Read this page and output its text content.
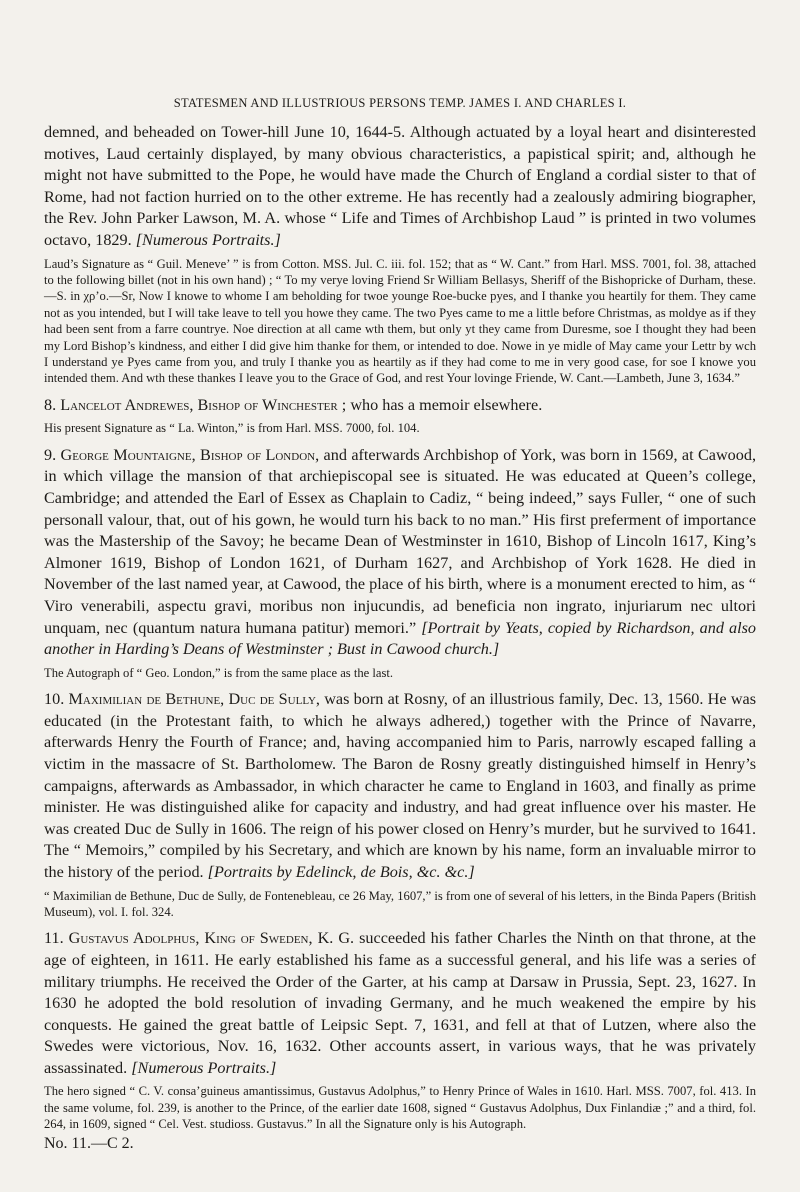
STATESMEN AND ILLUSTRIOUS PERSONS TEMP. JAMES I. AND CHARLES I.

demned, and beheaded on Tower-hill June 10, 1644-5. Although actuated by a loyal heart and disinterested motives, Laud certainly displayed, by many obvious characteristics, a papistical spirit; and, although he might not have submitted to the Pope, he would have made the Church of England a cordial sister to that of Rome, had not faction hurried on to the other extreme. He has recently had a zealously admiring biographer, the Rev. John Parker Lawson, M. A. whose “ Life and Times of Archbishop Laud ” is printed in two volumes octavo, 1829. [Numerous Portraits.]

Laud’s Signature as “ Guil. Meneve’ ” is from Cotton. MSS. Jul. C. iii. fol. 152; that as “ W. Cant.” from Harl. MSS. 7001, fol. 38, attached to the following billet (not in his own hand) ; “ To my verye loving Friend Sr William Bellasys, Sheriff of the Bishopricke of Durham, these.—S. in χρ’o.—Sr, Now I knowe to whome I am beholding for twoe younge Roe-bucke pyes, and I thanke you heartily for them. They came not as you intended, but I will take leave to tell you howe they came. The two Pyes came to me a little before Christmas, as moldye as if they had been sent from a farre countrye. Noe direction at all came wth them, but only yt they came from Duresme, soe I thought they had been my Lord Bishop’s kindness, and either I did give him thanke for them, or intended to doe. Nowe in ye midle of May came your Lettr by wch I understand ye Pyes came from you, and truly I thanke you as heartily as if they had come to me in very good case, for soe I knowe you intended them. And wth these thankes I leave you to the Grace of God, and rest Your lovinge Friende, W. Cant.—Lambeth, June 3, 1634.”

8. Lancelot Andrewes, Bishop of Winchester ; who has a memoir elsewhere.

His present Signature as “ La. Winton,” is from Harl. MSS. 7000, fol. 104.

9. George Mountaigne, Bishop of London, and afterwards Archbishop of York, was born in 1569, at Cawood, in which village the mansion of that archiepiscopal see is situated. He was educated at Queen’s college, Cambridge; and attended the Earl of Essex as Chaplain to Cadiz, “ being indeed,” says Fuller, “ one of such personall valour, that, out of his gown, he would turn his back to no man.” His first preferment of importance was the Mastership of the Savoy; he became Dean of Westminster in 1610, Bishop of Lincoln 1617, King’s Almoner 1619, Bishop of London 1621, of Durham 1627, and Archbishop of York 1628. He died in November of the last named year, at Cawood, the place of his birth, where is a monument erected to him, as “ Viro venerabili, aspectu gravi, moribus non injucundis, ad beneficia non ingrato, injuriarum nec ultori unquam, nec (quantum natura humana patitur) memori.” [Portrait by Yeats, copied by Richardson, and also another in Harding’s Deans of Westminster ; Bust in Cawood church.]

The Autograph of “ Geo. London,” is from the same place as the last.

10. Maximilian de Bethune, Duc de Sully, was born at Rosny, of an illustrious family, Dec. 13, 1560. He was educated (in the Protestant faith, to which he always adhered,) together with the Prince of Navarre, afterwards Henry the Fourth of France; and, having accompanied him to Paris, narrowly escaped falling a victim in the massacre of St. Bartholomew. The Baron de Rosny greatly distinguished himself in Henry’s campaigns, afterwards as Ambassador, in which character he came to England in 1603, and finally as prime minister. He was distinguished alike for capacity and industry, and had great influence over his master. He was created Duc de Sully in 1606. The reign of his power closed on Henry’s murder, but he survived to 1641. The “ Memoirs,” compiled by his Secretary, and which are known by his name, form an invaluable mirror to the history of the period. [Portraits by Edelinck, de Bois, &c. &c.]

“ Maximilian de Bethune, Duc de Sully, de Fontenebleau, ce 26 May, 1607,” is from one of several of his letters, in the Binda Papers (British Museum), vol. I. fol. 324.

11. Gustavus Adolphus, King of Sweden, K. G. succeeded his father Charles the Ninth on that throne, at the age of eighteen, in 1611. He early established his fame as a successful general, and his life was a series of military triumphs. He received the Order of the Garter, at his camp at Darsaw in Prussia, Sept. 23, 1627. In 1630 he adopted the bold resolution of invading Germany, and he much weakened the empire by his conquests. He gained the great battle of Leipsic Sept. 7, 1631, and fell at that of Lutzen, where also the Swedes were victorious, Nov. 16, 1632. Other accounts assert, in various ways, that he was privately assassinated. [Numerous Portraits.]

The hero signed “ C. V. consa’guineus amantissimus, Gustavus Adolphus,” to Henry Prince of Wales in 1610. Harl. MSS. 7007, fol. 413. In the same volume, fol. 239, is another to the Prince, of the earlier date 1608, signed “ Gustavus Adolphus, Dux Finlandiæ ;” and a third, fol. 264, in 1609, signed “ Cel. Vest. studioss. Gustavus.” In all the Signature only is his Autograph.

No. 11.—C 2.
